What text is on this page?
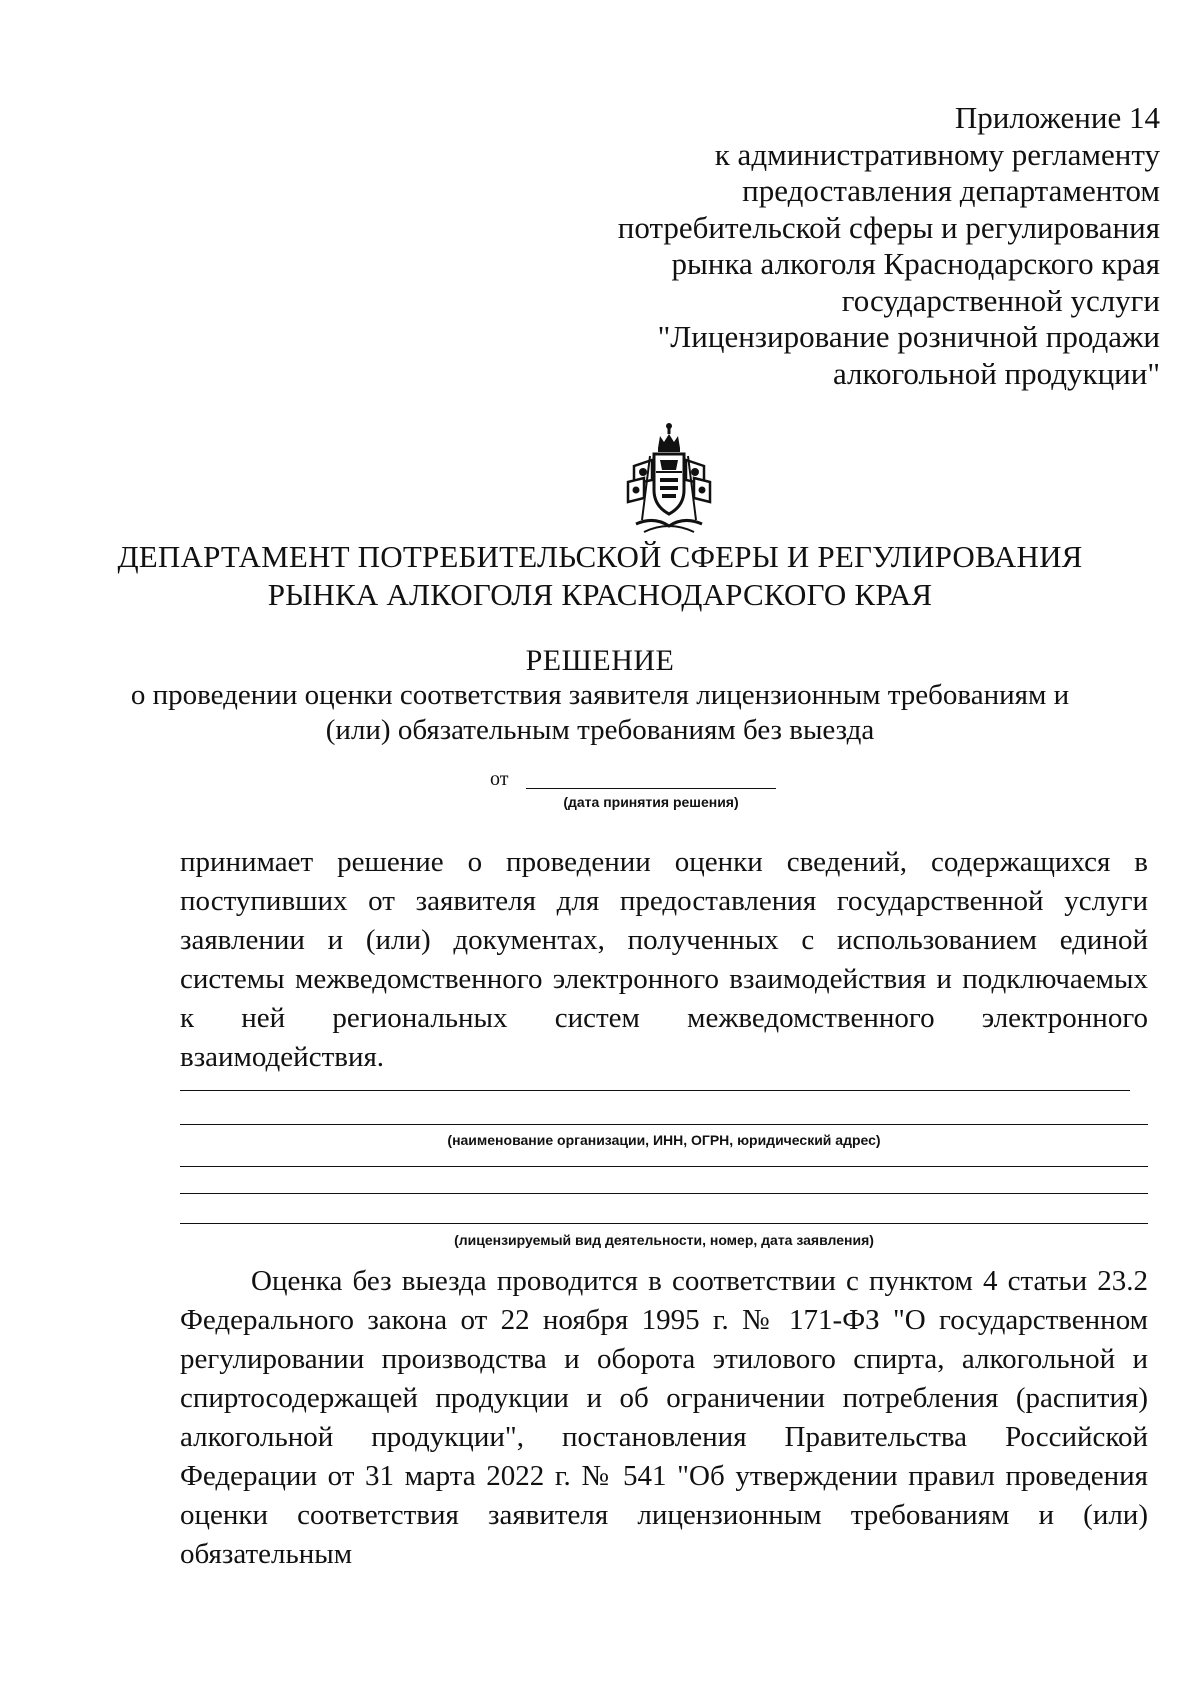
Приложение 14
к административному регламенту
предоставления департаментом
потребительской сферы и регулирования
рынка алкоголя Краснодарского края
государственной услуги
"Лицензирование розничной продажи
алкогольной продукции"
ДЕПАРТАМЕНТ ПОТРЕБИТЕЛЬСКОЙ СФЕРЫ И РЕГУЛИРОВАНИЯ
РЫНКА АЛКОГОЛЯ КРАСНОДАРСКОГО КРАЯ
РЕШЕНИЕ
о проведении оценки соответствия заявителя лицензионным требованиям и
(или) обязательным требованиям без выезда
от
(дата принятия решения)
принимает решение о проведении оценки сведений, содержащихся в поступивших от заявителя для предоставления государственной услуги заявлении и (или) документах, полученных с использованием единой системы межведомственного электронного взаимодействия и подключаемых к ней региональных систем межведомственного электронного взаимодействия.
(наименование организации, ИНН, ОГРН, юридический адрес)
(лицензируемый вид деятельности, номер, дата заявления)
Оценка без выезда проводится в соответствии с пунктом 4 статьи 23.2 Федерального закона от 22 ноября 1995 г. № 171-ФЗ "О государственном регулировании производства и оборота этилового спирта, алкогольной и спиртосодержащей продукции и об ограничении потребления (распития) алкогольной продукции", постановления Правительства Российской Федерации от 31 марта 2022 г. № 541 "Об утверждении правил проведения оценки соответствия заявителя лицензионным требованиям и (или) обязательным
